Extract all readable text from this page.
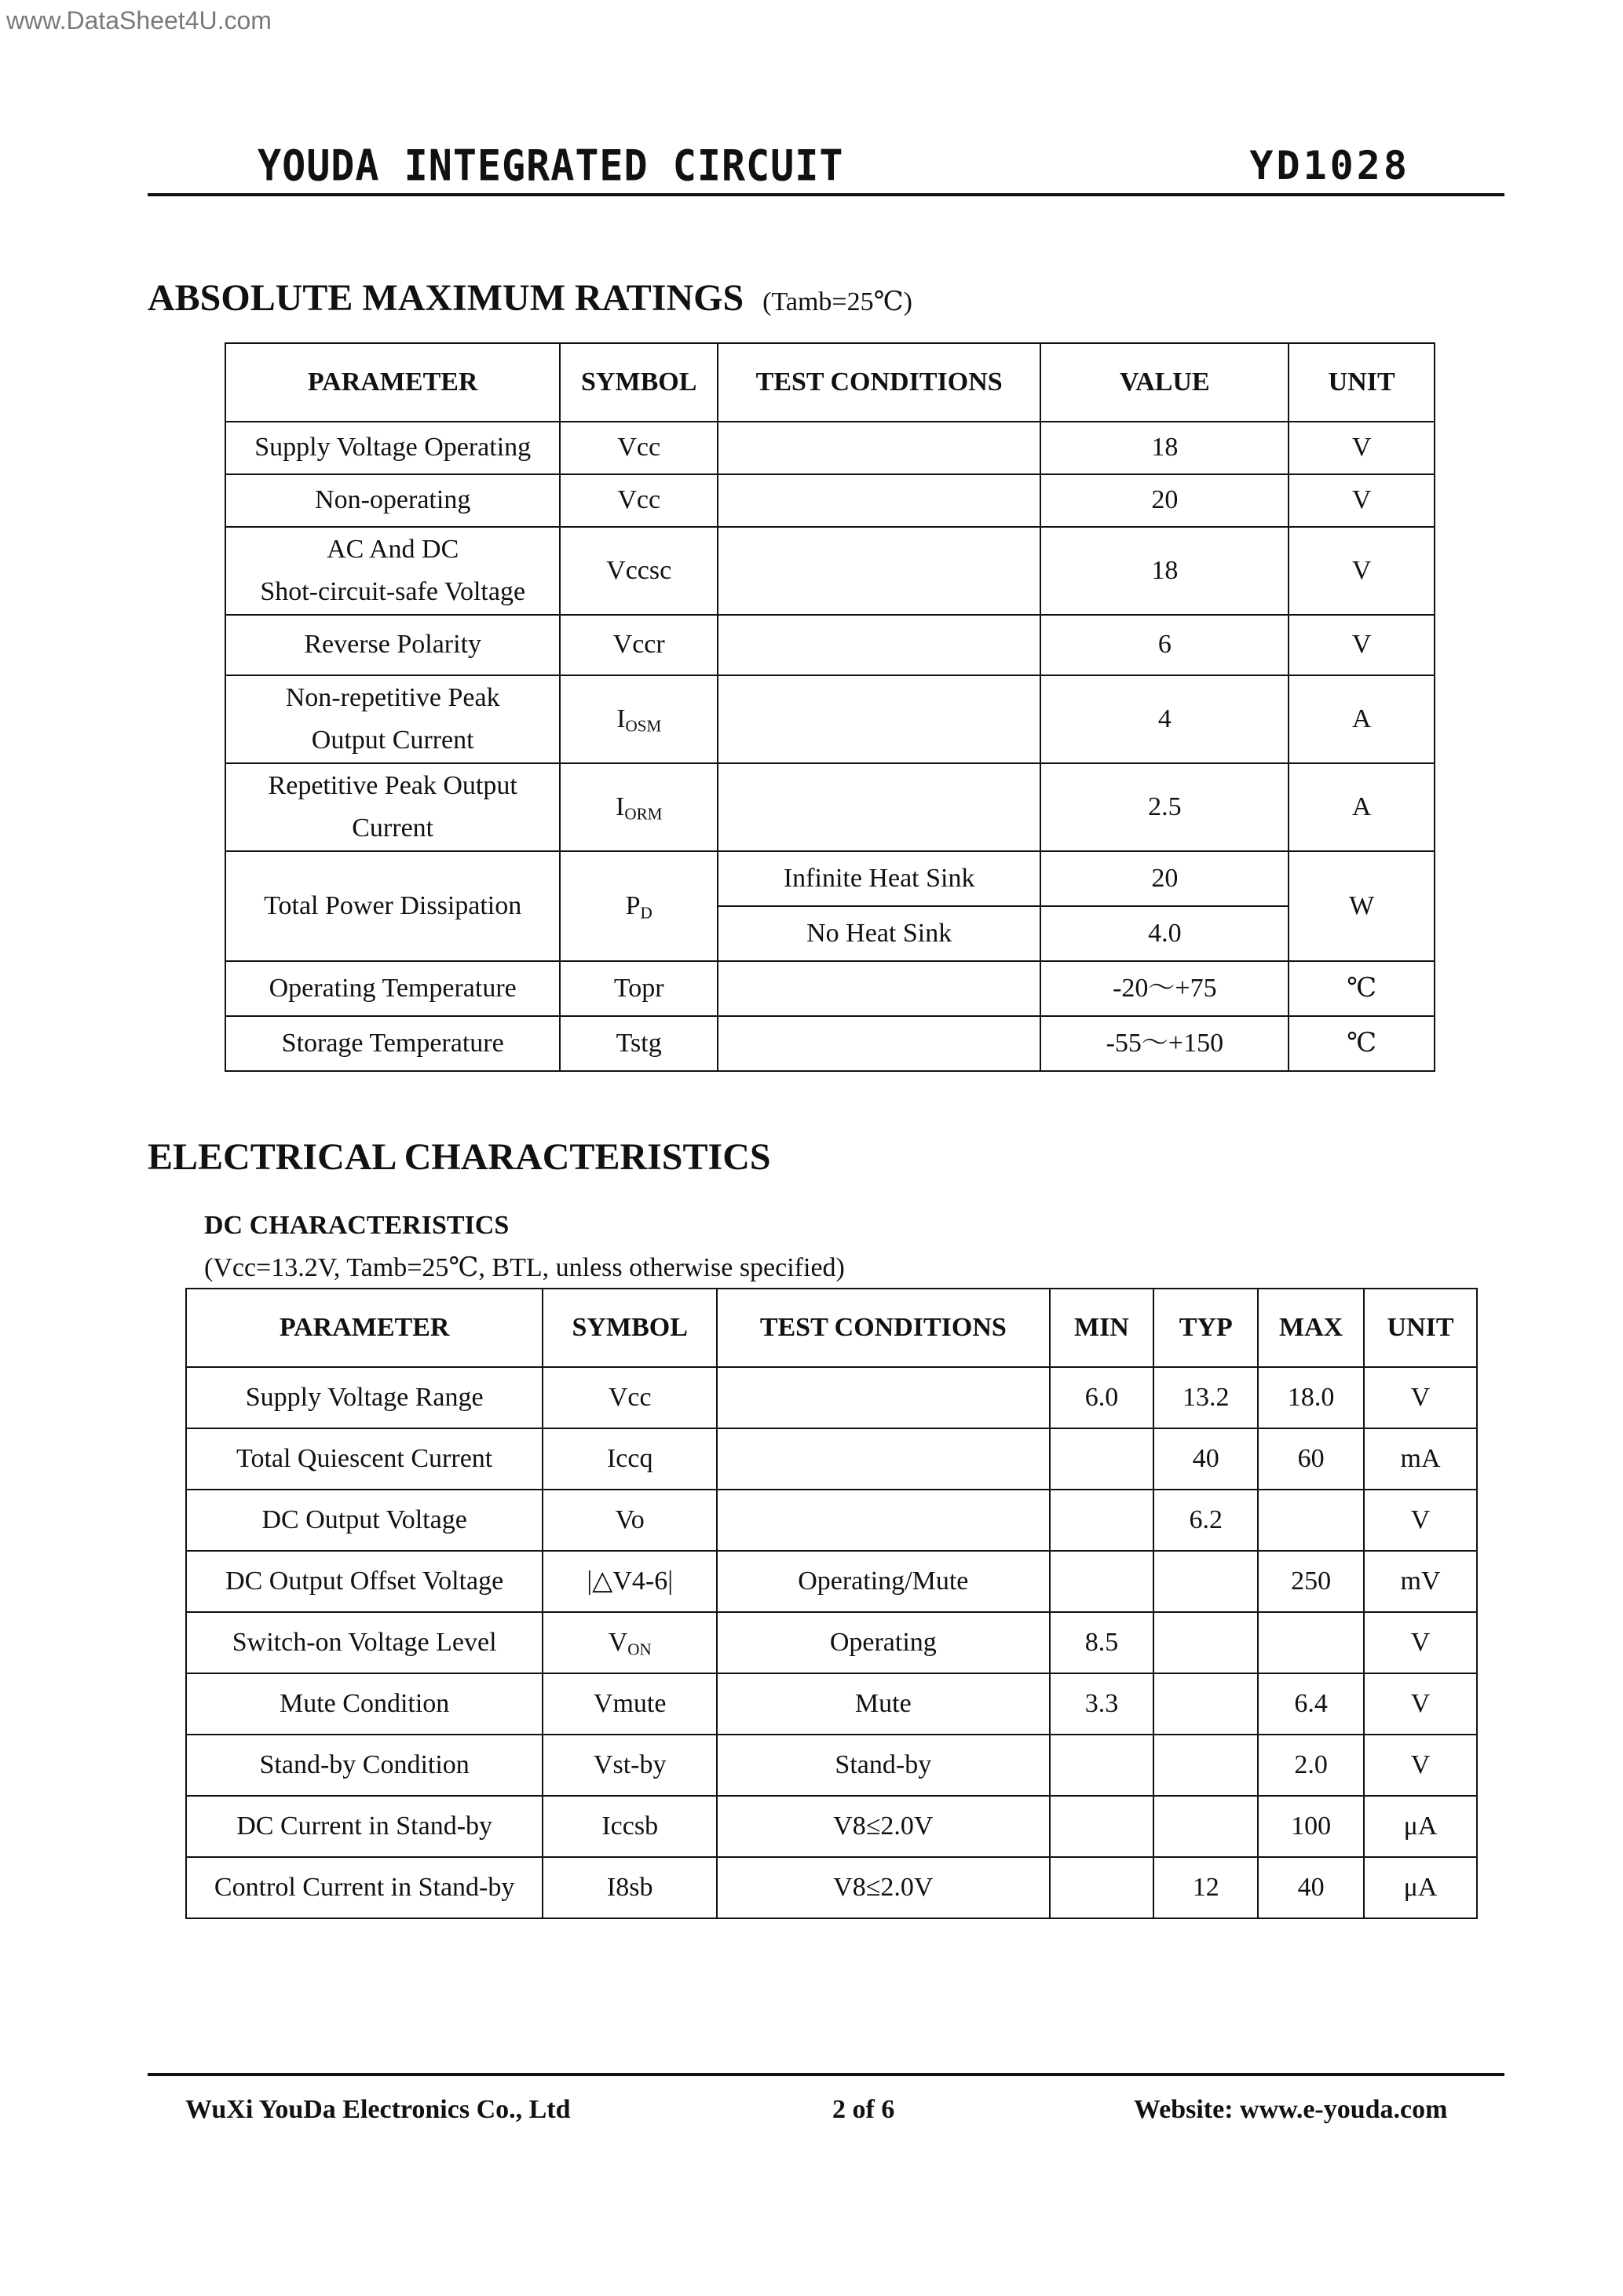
www.DataSheet4U.com
YOUDA INTEGRATED CIRCUIT	YD1028
ABSOLUTE MAXIMUM RATINGS (Tamb=25℃)
PARAMETER	SYMBOL	TEST CONDITIONS	VALUE	UNIT
Supply Voltage Operating	Vcc		18	V
Non-operating	Vcc		20	V

AC And DC
Shot-circuit-safe Voltage	Vccsc		18	V
Reverse Polarity	Vccr		6	V

Non-repetitive Peak
Output Current	$I_{OSM}$		4	A

Repetitive Peak Output
Current	$I_{ORM}$		2.5	A
Total Power Dissipation	$P_D$	Infinite Heat Sink	20	W
		No Heat Sink	4.0	
Operating Temperature	Topr		-20～+75	℃
Storage Temperature	Tstg		-55～+150	℃
ELECTRICAL CHARACTERISTICS
DC CHARACTERISTICS
(Vcc=13.2V, Tamb=25℃, BTL, unless otherwise specified)
PARAMETER	SYMBOL	TEST CONDITIONS	MIN	TYP	MAX	UNIT
Supply Voltage Range	Vcc		6.0	13.2	18.0	V
Total Quiescent Current	Iccq			40	60	mA
DC Output Voltage	Vo			6.2		V
DC Output Offset Voltage	|△V4-6|	Operating/Mute			250	mV
Switch-on Voltage Level	$V_{ON}$	Operating	8.5			V
Mute Condition	Vmute	Mute	3.3		6.4	V
Stand-by Condition	Vst-by	Stand-by			2.0	V
DC Current in Stand-by	Iccsb	V8≤2.0V			100	μA
Control Current in Stand-by	I8sb	V8≤2.0V		12	40	μA
WuXi YouDa Electronics Co., Ltd	2 of 6	Website: www.e-youda.com
